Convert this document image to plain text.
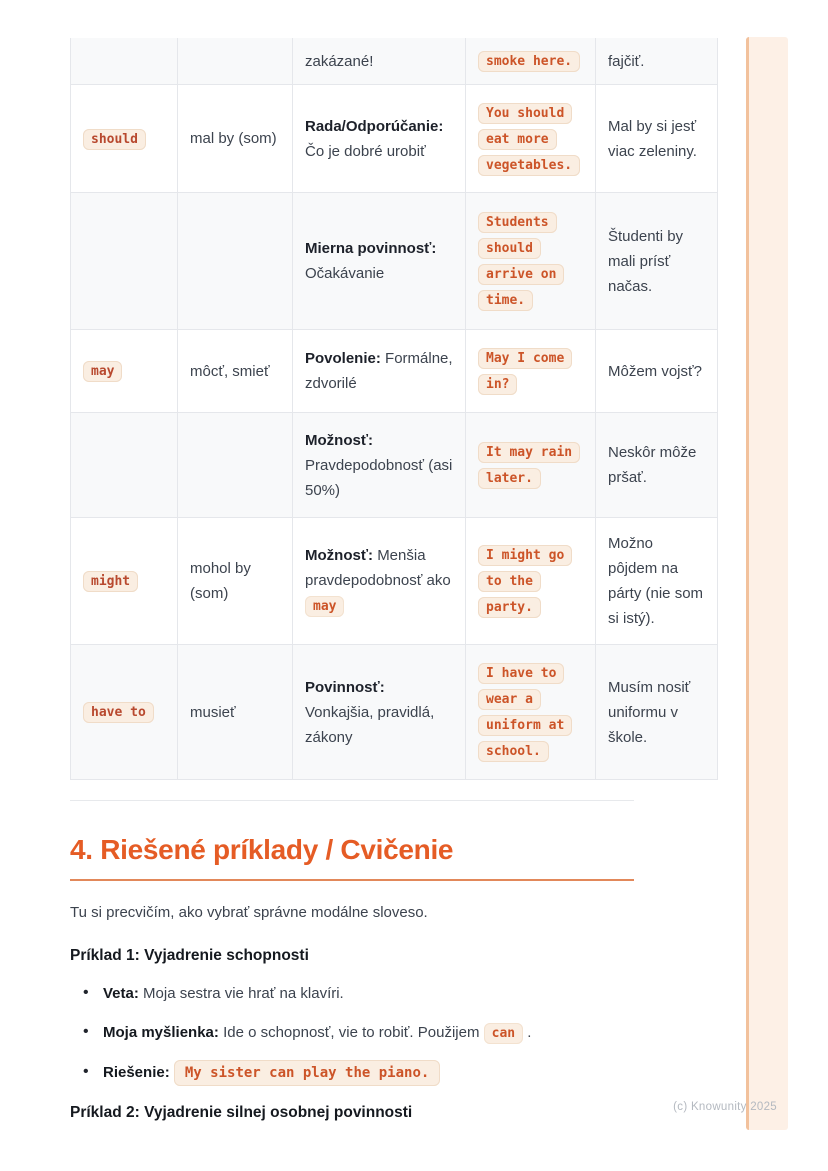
		zakázané!	smoke here.	fajčiť.
should	mal by (som)	Rada/Odporúčanie: Čo je dobré urobiť	You should eat more vegetables.	Mal by si jesť viac zeleniny.
		Mierna povinnosť: Očakávanie	Students should arrive on time.	Študenti by mali prísť načas.
may	môcť, smieť	Povolenie: Formálne, zdvorilé	May I come in?	Môžem vojsť?
		Možnosť: Pravdepodobnosť (asi 50%)	It may rain later.	Neskôr môže pršať.
might	mohol by (som)	Možnosť: Menšia pravdepodobnosť ako may	I might go to the party.	Možno pôjdem na párty (nie som si istý).
have to	musieť	Povinnosť: Vonkajšia, pravidlá, zákony	I have to wear a uniform at school.	Musím nosiť uniformu v škole.
4. Riešené príklady / Cvičenie

Tu si precvičím, ako vybrať správne modálne sloveso.

Príklad 1: Vyjadrenie schopnosti

• Veta: Moja sestra vie hrať na klavíri.
• Moja myšlienka: Ide o schopnosť, vie to robiť. Použijem can .
• Riešenie: My sister can play the piano.

Príklad 2: Vyjadrenie silnej osobnej povinnosti	(c) Knowunity 2025
